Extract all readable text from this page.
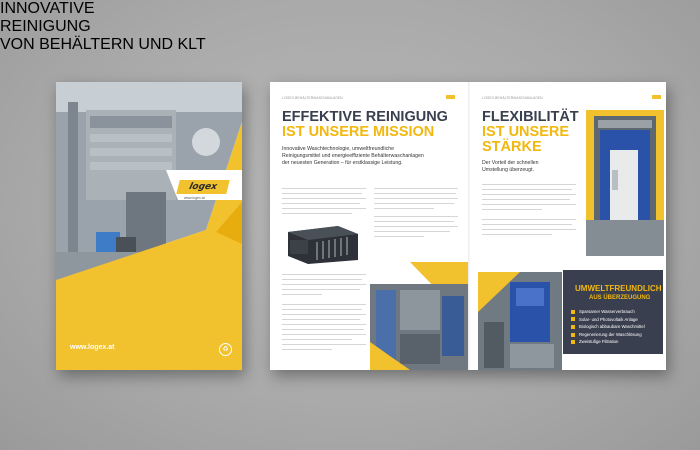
logex
www.logex.at
INNOVATIVE
REINIGUNG
VON BEHÄLTERN UND KLT
www.logex.at	♻
LOGEX BEHÄLTERWASCHANLAGEN	LOGEX BEHÄLTERWASCHANLAGEN
EFFEKTIVE REINIGUNG
IST UNSERE MISSION
Innovative Waschtechnologie, umweltfreundliche
Reinigungsmittel und energieeffiziente Behälterwaschanlagen
der neuesten Generation – für erstklassige Leistung.
FLEXIBILITÄT
IST UNSERE
STÄRKE
Der Vorteil der schnellen
Umstellung überzeugt.
UMWELTFREUNDLICH
AUS ÜBERZEUGUNG
Sparsamer Wasserverbrauch
Solar- und Photovoltaik Anlage
Biologisch abbaubare Waschmittel
Regenerierung der Waschlösung
Zweistufige Filtration
